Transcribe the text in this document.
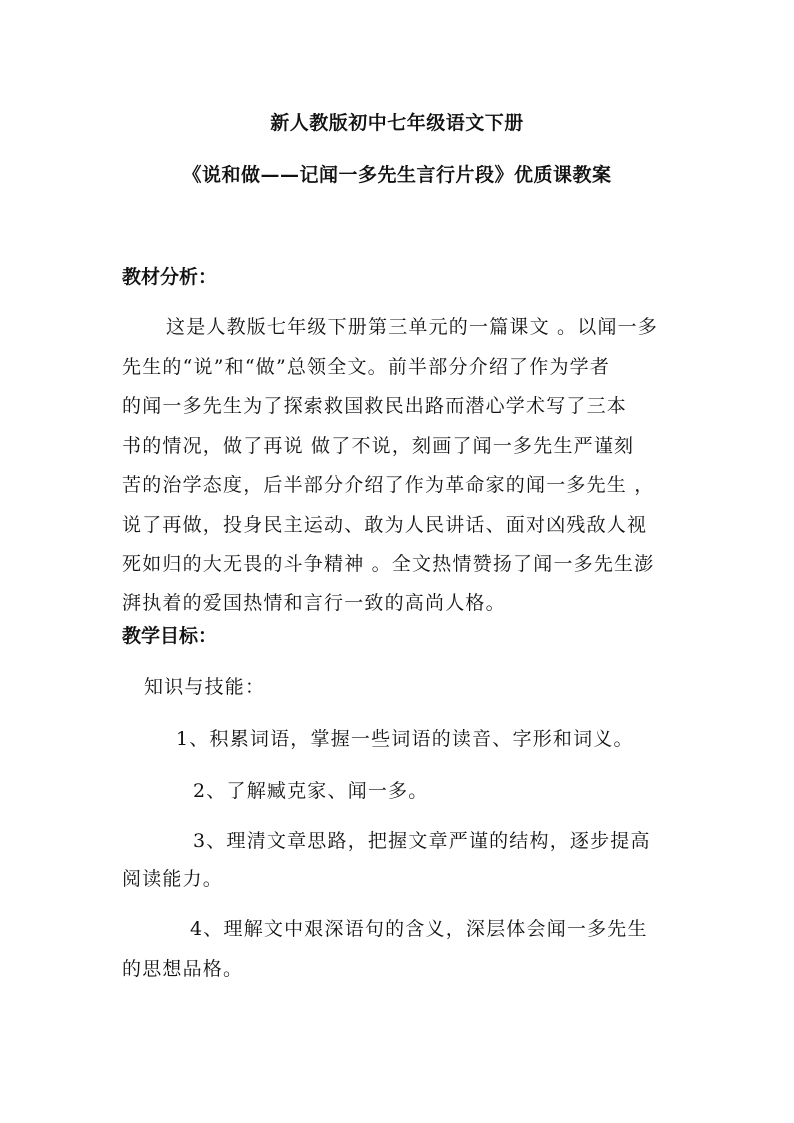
新人教版初中七年级语文下册
《说和做——记闻一多先生言行片段》优质课教案
教材分析：
这是人教版七年级下册第三单元的一篇课文 。以闻一多
先生的“说”和“做”总领全文。前半部分介绍了作为学者
的闻一多先生为了探索救国救民出路而潜心学术写了三本
书的情况，做了再说 做了不说，刻画了闻一多先生严谨刻
苦的治学态度，后半部分介绍了作为革命家的闻一多先生 ，
说了再做，投身民主运动、敢为人民讲话、面对凶残敌人视
死如归的大无畏的斗争精神 。全文热情赞扬了闻一多先生澎
湃执着的爱国热情和言行一致的高尚人格。
教学目标：
知识与技能：
1、积累词语，掌握一些词语的读音、字形和词义。
2、了解臧克家、闻一多。
3、理清文章思路，把握文章严谨的结构，逐步提高
阅读能力。
4、理解文中艰深语句的含义，深层体会闻一多先生
的思想品格。
